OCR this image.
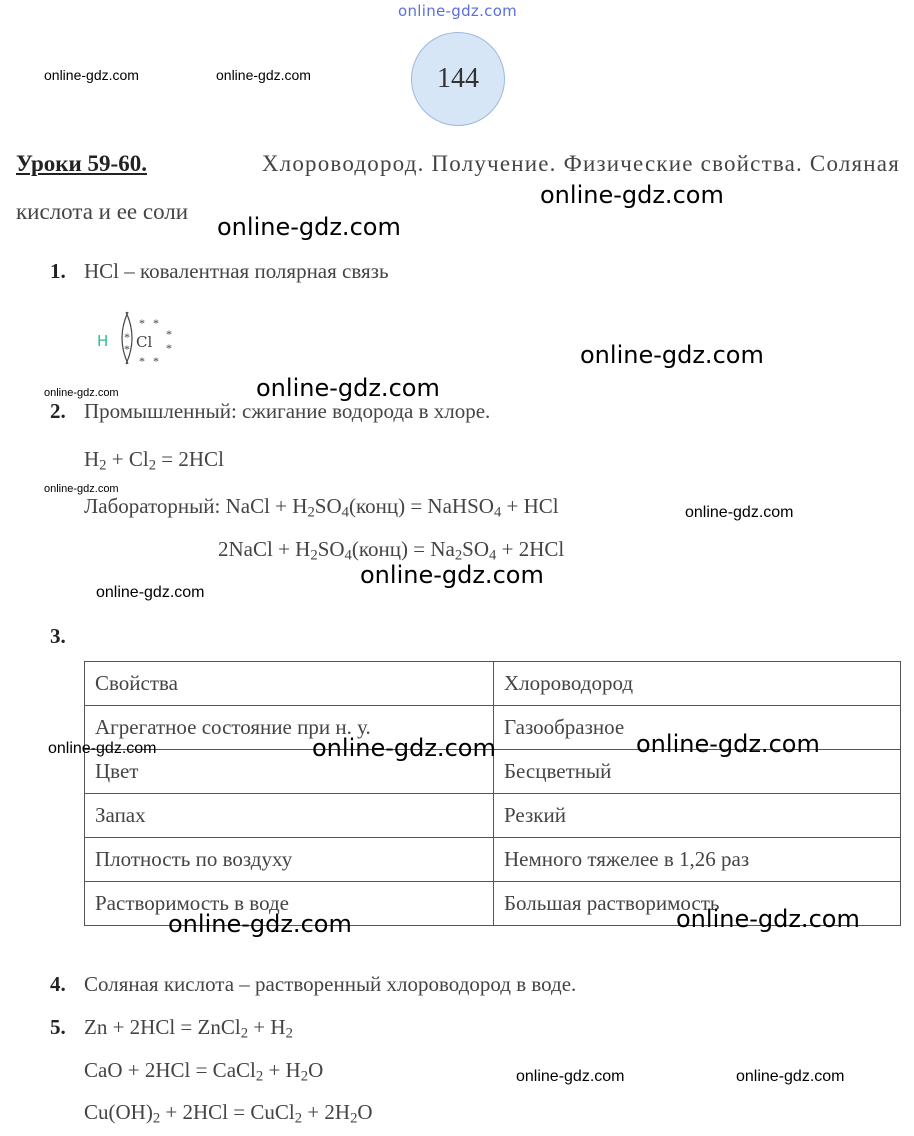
online-gdz.com
online-gdz.com	online-gdz.com	144
Уроки 59-60.	Хлороводород. Получение. Физические свойства. Соляная
кислота и ее соли
online-gdz.com
online-gdz.com
1. HCl – ковалентная полярная связь
H Cl
* *
* *
*
*
*
*	online-gdz.com
online-gdz.com	online-gdz.com
2. Промышленный: сжигание водорода в хлоре.
$H_2 + Cl_2 = 2HCl$
online-gdz.com
Лабораторный: NaCl + $H_2SO_4(конц)$ = NaHSO$_4$ + HCl	online-gdz.com
2NaCl + $H_2SO_4(конц) = Na_2SO_4 + 2HCl$
online-gdz.com
online-gdz.com
3.
Свойства	Хлороводород
Агрегатное состояние при н. у.	Газообразное
Цвет	Бесцветный
Запах	Резкий
Плотность по воздуху	Немного тяжелее в 1,26 раз
Растворимость в воде	Большая растворимость
online-gdz.com	online-gdz.com	online-gdz.com
online-gdz.com	online-gdz.com
4. Соляная кислота – растворенный хлороводород в воде.
5. Zn + 2HCl = ZnCl$_2$ + $H_2$
CaO + 2HCl = CaCl$_2$ + $H_2O$	online-gdz.com	online-gdz.com
$Cu(OH)_2 + 2HCl$ = CuCl$_2$ + $2H_2O$
